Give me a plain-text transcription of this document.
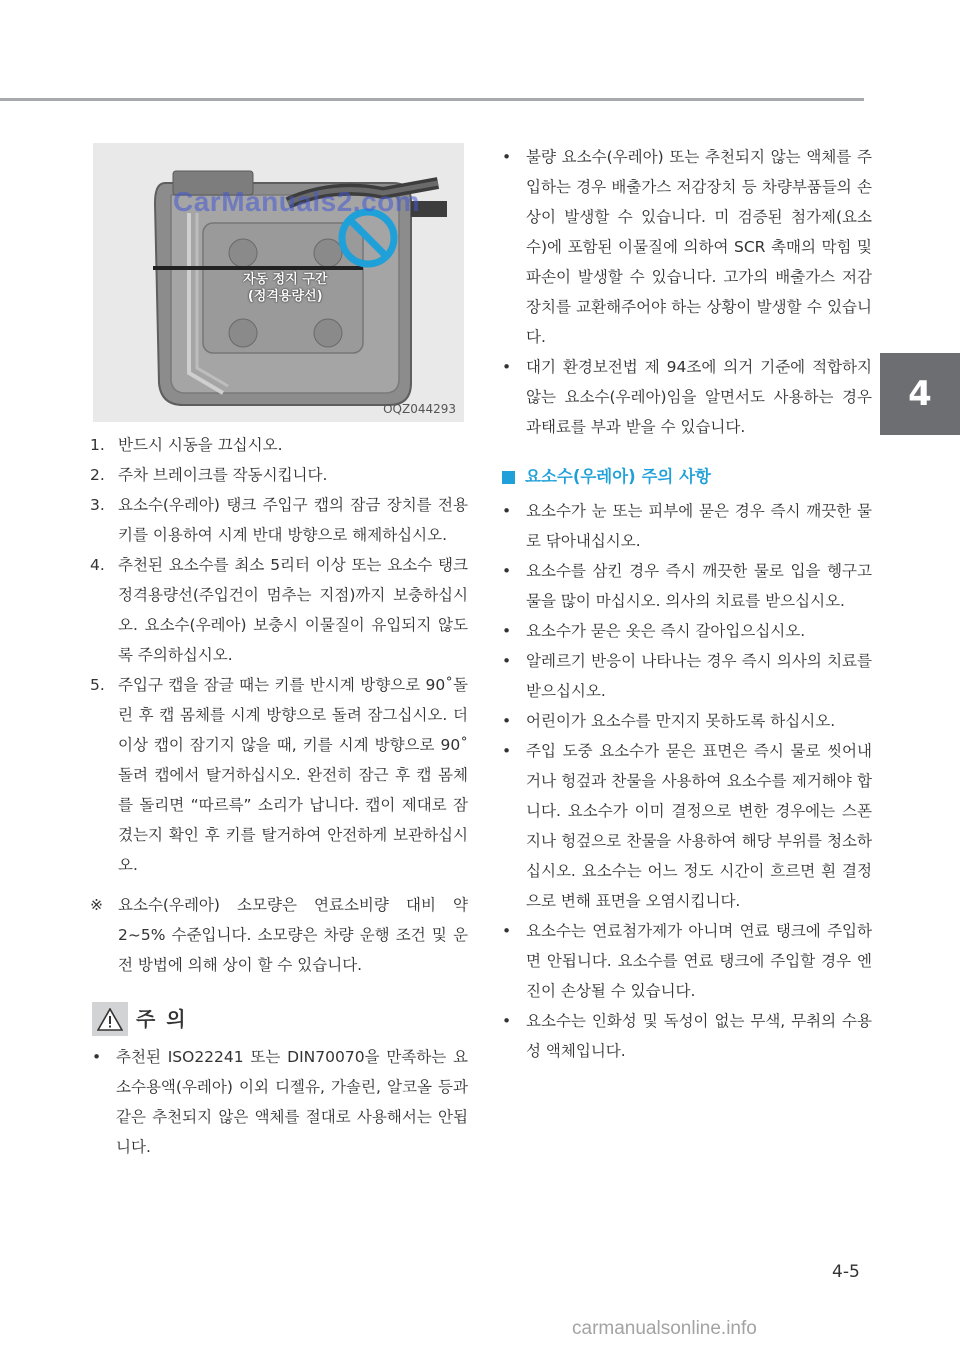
4
자동 정지 구간
(정격용량선)
OQZ044293
CarManuals2.com
1. 반드시 시동을 끄십시오.
2. 주차 브레이크를 작동시킵니다.
3. 요소수(우레아) 탱크 주입구 캡의 잠금 장치를 전용 키를 이용하여 시계 반대 방향으로 해제하십시오.
4. 추천된 요소수를 최소 5리터 이상 또는 요소수 탱크 정격용량선(주입건이 멈추는 지점)까지 보충하십시오. 요소수(우레아) 보충시 이물질이 유입되지 않도록 주의하십시오.
5. 주입구 캡을 잠글 때는 키를 반시계 방향으로 90˚돌린 후 캡 몸체를 시계 방향으로 돌려 잠그십시오. 더 이상 캡이 잠기지 않을 때, 키를 시계 방향으로 90˚돌려 캡에서 탈거하십시오. 완전히 잠근 후 캡 몸체를 돌리면 “따르륵” 소리가 납니다. 캡이 제대로 잠겼는지 확인 후 키를 탈거하여 안전하게 보관하십시오.
※ 요소수(우레아) 소모량은 연료소비량 대비 약 2~5% 수준입니다. 소모량은 차량 운행 조건 및 운전 방법에 의해 상이 할 수 있습니다.
주 의
• 추천된 ISO22241 또는 DIN70070을 만족하는 요소수용액(우레아) 이외 디젤유, 가솔린, 알코올 등과 같은 추천되지 않은 액체를 절대로 사용해서는 안됩니다.
• 불량 요소수(우레아) 또는 추천되지 않는 액체를 주입하는 경우 배출가스 저감장치 등 차량부품들의 손상이 발생할 수 있습니다. 미 검증된 첨가제(요소수)에 포함된 이물질에 의하여 SCR 촉매의 막힘 및 파손이 발생할 수 있습니다. 고가의 배출가스 저감장치를 교환해주어야 하는 상황이 발생할 수 있습니다.
• 대기 환경보전법 제 94조에 의거 기준에 적합하지 않는 요소수(우레아)임을 알면서도 사용하는 경우 과태료를 부과 받을 수 있습니다.
요소수(우레아) 주의 사항
• 요소수가 눈 또는 피부에 묻은 경우 즉시 깨끗한 물로 닦아내십시오.
• 요소수를 삼킨 경우 즉시 깨끗한 물로 입을 헹구고 물을 많이 마십시오. 의사의 치료를 받으십시오.
• 요소수가 묻은 옷은 즉시 갈아입으십시오.
• 알레르기 반응이 나타나는 경우 즉시 의사의 치료를 받으십시오.
• 어린이가 요소수를 만지지 못하도록 하십시오.
• 주입 도중 요소수가 묻은 표면은 즉시 물로 씻어내거나 헝겊과 찬물을 사용하여 요소수를 제거해야 합니다. 요소수가 이미 결정으로 변한 경우에는 스폰지나 헝겊으로 찬물을 사용하여 해당 부위를 청소하십시오. 요소수는 어느 정도 시간이 흐르면 흰 결정으로 변해 표면을 오염시킵니다.
• 요소수는 연료첨가제가 아니며 연료 탱크에 주입하면 안됩니다. 요소수를 연료 탱크에 주입할 경우 엔진이 손상될 수 있습니다.
• 요소수는 인화성 및 독성이 없는 무색, 무취의 수용성 액체입니다.
4-5
carmanualsonline.info
